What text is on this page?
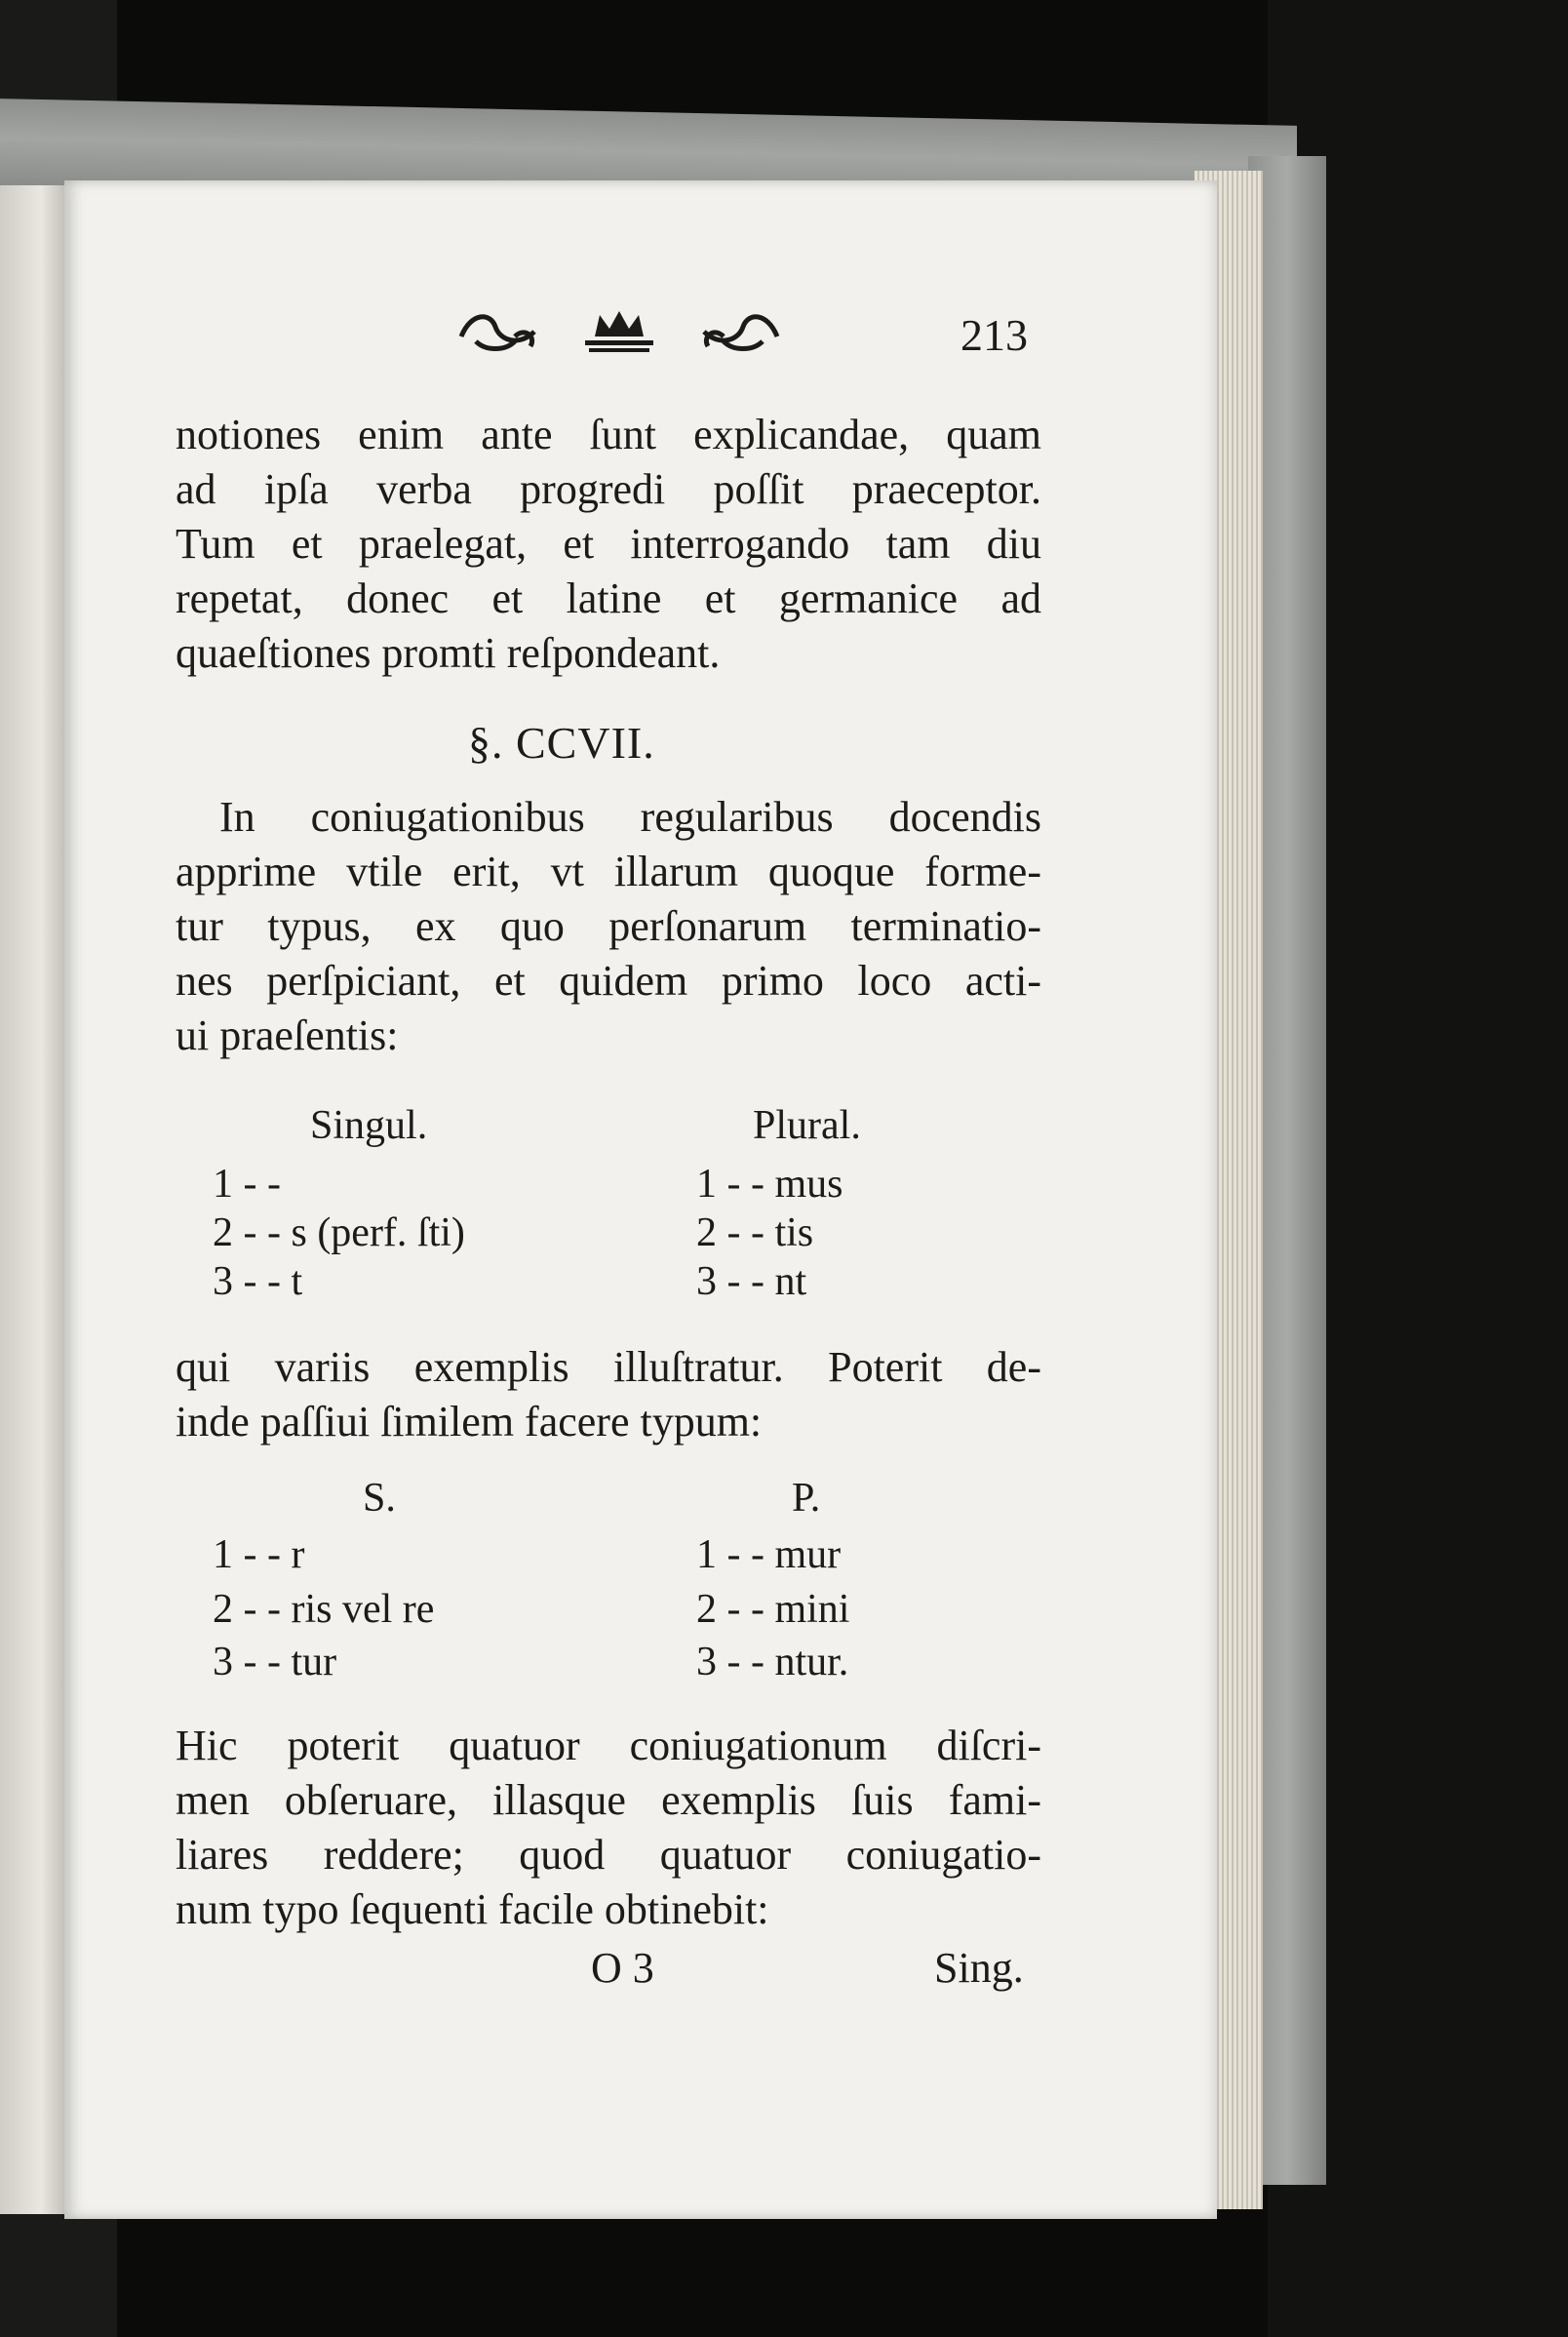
213
notiones enim ante ſunt explicandae, quam
ad ipſa verba progredi poſſit praeceptor.
Tum et praelegat, et interrogando tam diu
repetat, donec et latine et germanice ad
quaeſtiones promti reſpondeant.
§. CCVII.
In coniugationibus regularibus docendis
apprime vtile erit, vt illarum quoque forme-
tur typus, ex quo perſonarum terminatio-
nes perſpiciant, et quidem primo loco acti-
ui praeſentis:
Singul.	Plural.
1 - -	1 - - mus
2 - - s (perf. ſti)	2 - - tis
3 - - t	3 - - nt
qui variis exemplis illuſtratur. Poterit de-
inde paſſiui ſimilem facere typum:
S.	P.
1 - - r	1 - - mur
2 - - ris vel re	2 - - mini
3 - - tur	3 - - ntur.
Hic poterit quatuor coniugationum diſcri-
men obſeruare, illasque exemplis ſuis fami-
liares reddere; quod quatuor coniugatio-
num typo ſequenti facile obtinebit:
O 3	Sing.
